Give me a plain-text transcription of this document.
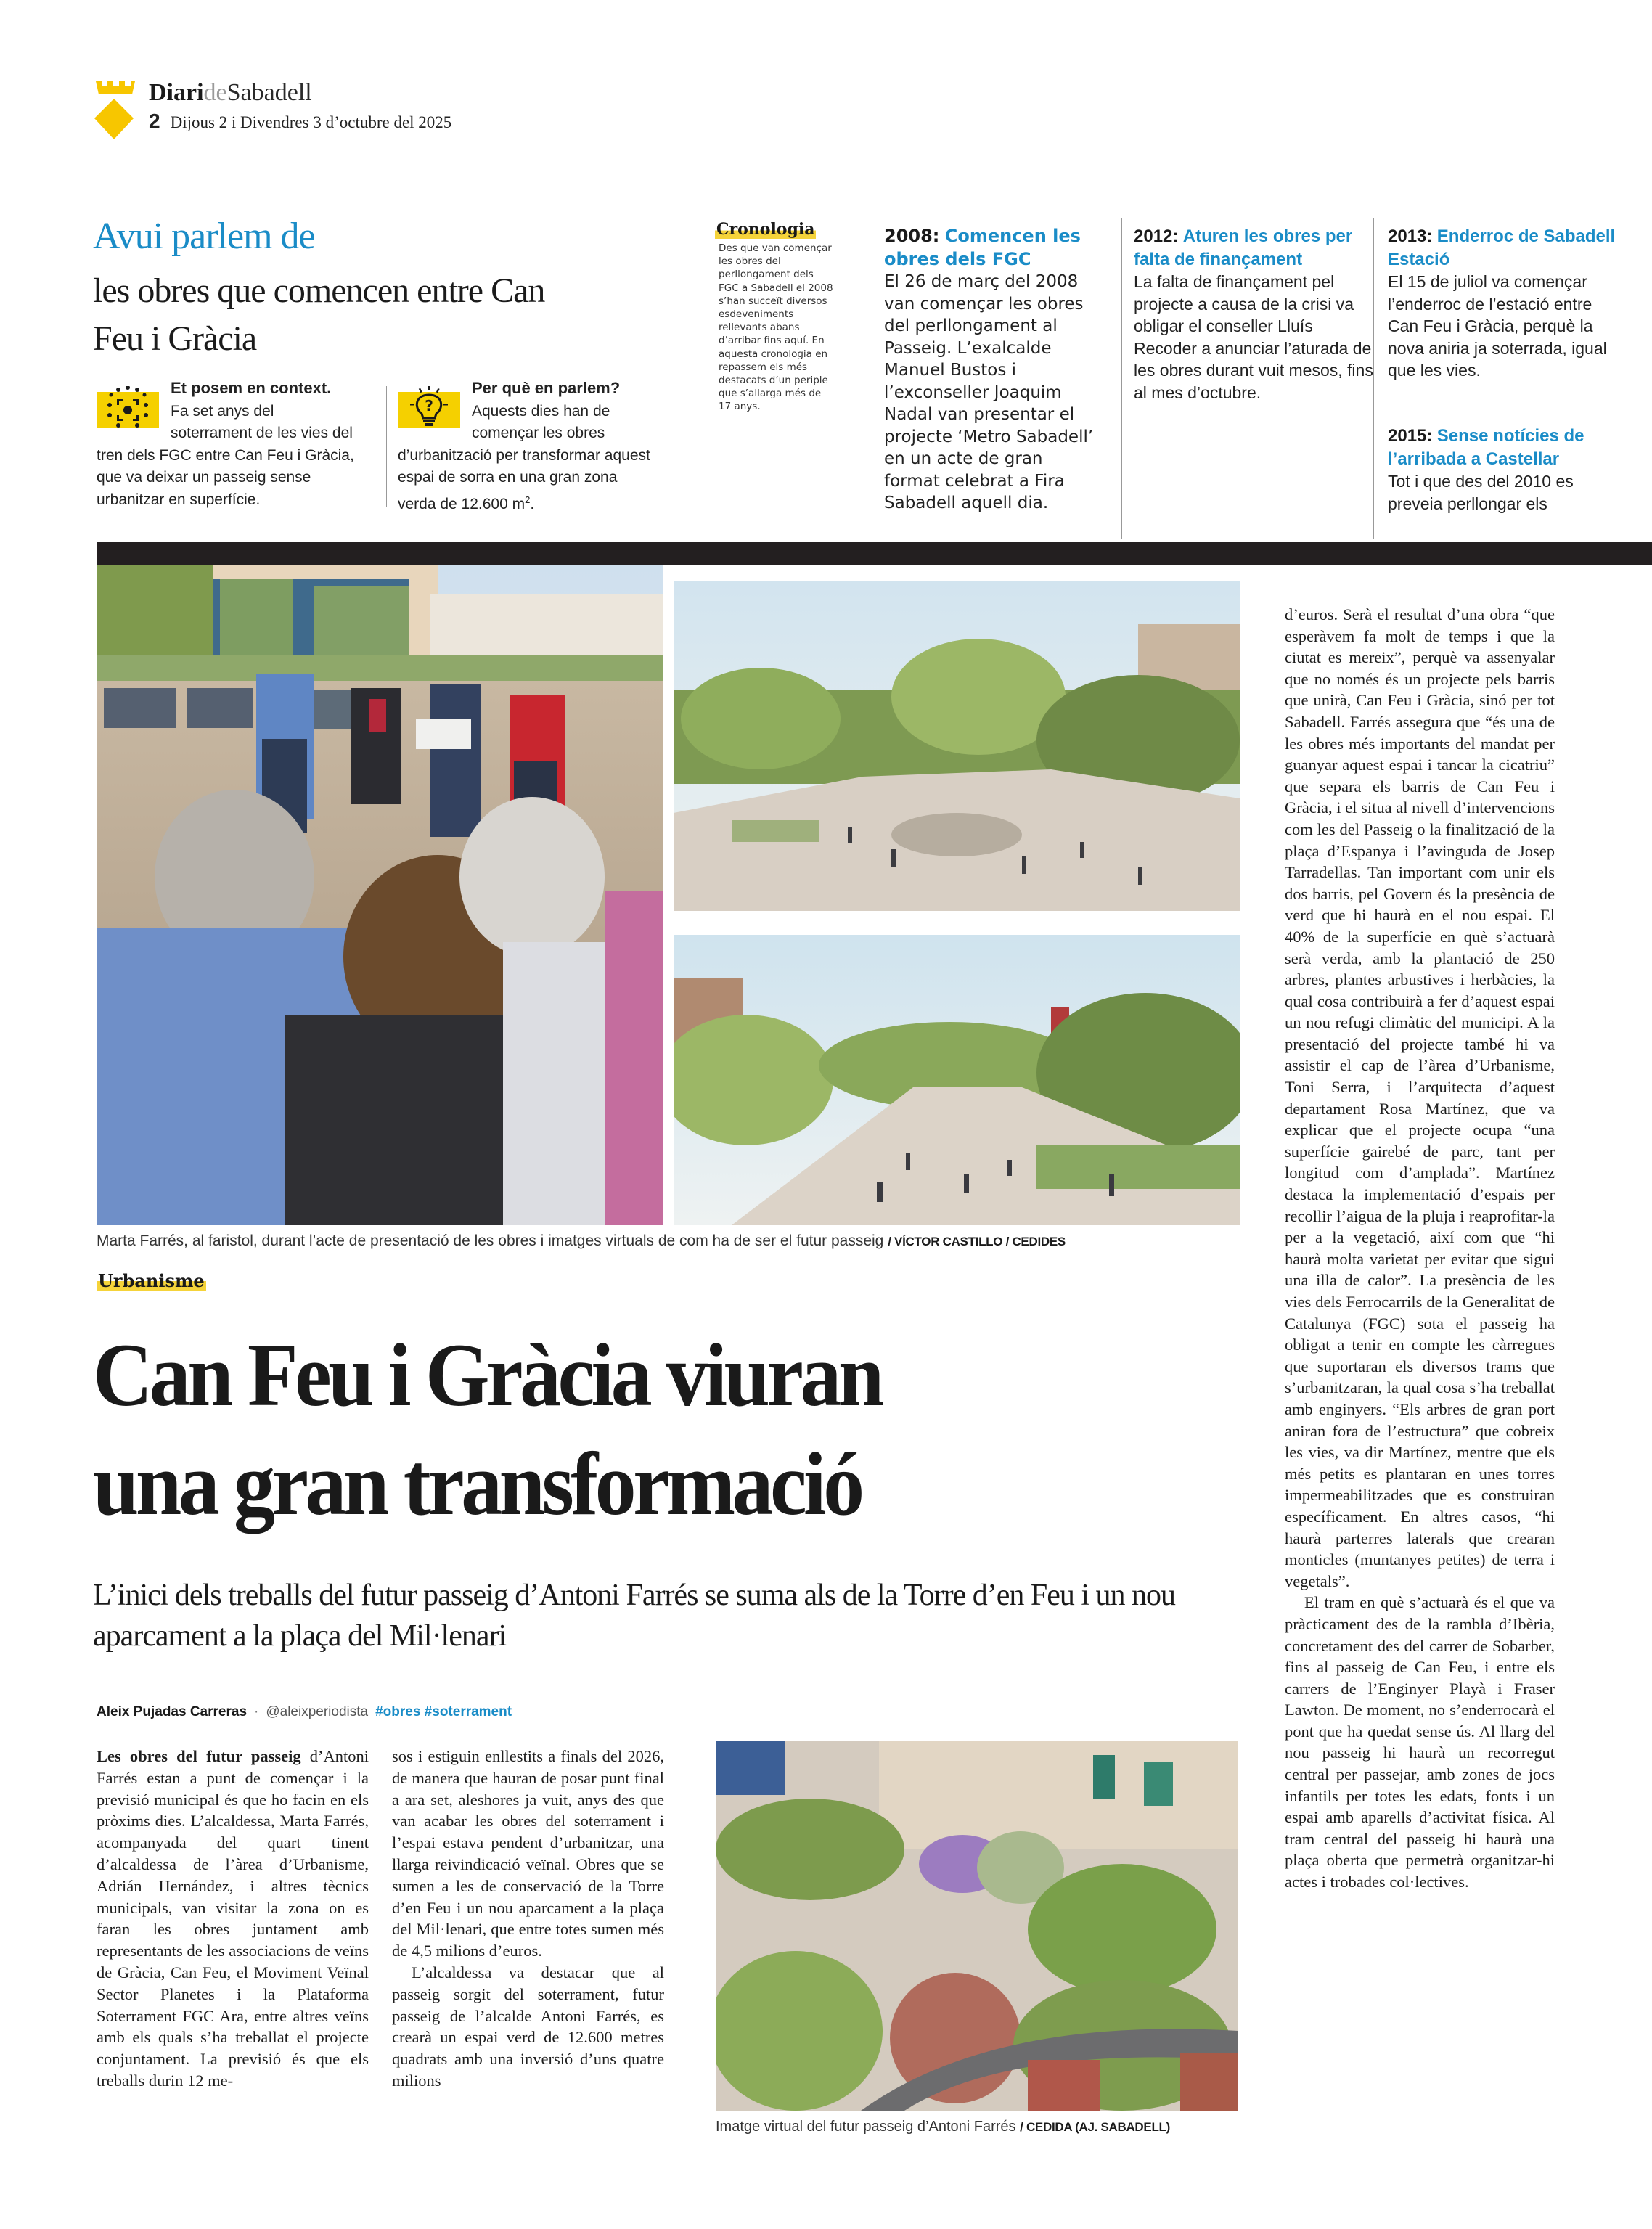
DiarideSabadell
2 Dijous 2 i Divendres 3 d’octubre del 2025
Avui parlem de
les obres que comencen entre Can Feu i Gràcia
Et posem en context.
Fa set anys del soterrament de les vies del tren dels FGC entre Can Feu i Gràcia, que va deixar un passeig sense urbanitzar en superfície.
?
Per què en parlem?
Aquests dies han de començar les obres d’urbanització per transformar aquest espai de sorra en una gran zona verda de 12.600 $m^2$.
Cronologia
Des que van començar les obres del perllongament dels FGC a Sabadell el 2008 s’han succeït diversos esdeveniments rellevants abans d’arribar fins aquí. En aquesta cronologia en repassem els més destacats d’un periple que s’allarga més de 17 anys.
2008: Comencen les obres dels FGC
El 26 de març del 2008 van començar les obres del perllongament al Passeig. L’exalcalde Manuel Bustos i l’exconseller Joaquim Nadal van presentar el projecte ‘Metro Sabadell’ en un acte de gran format celebrat a Fira Sabadell aquell dia.
2012: Aturen les obres per falta de finançament
La falta de finançament pel projecte a causa de la crisi va obligar el conseller Lluís Recoder a anunciar l’aturada de les obres durant vuit mesos, fins al mes d’octubre.
2013: Enderroc de Sabadell Estació
El 15 de juliol va començar l’enderroc de l’estació entre Can Feu i Gràcia, perquè la nova aniria ja soterrada, igual que les vies.
2015: Sense notícies de l’arribada a Castellar
Tot i que des del 2010 es preveia perllongar els
Marta Farrés, al faristol, durant l’acte de presentació de les obres i imatges virtuals de com ha de ser el futur passeig / VÍCTOR CASTILLO / CEDIDES
Urbanisme
Can Feu i Gràcia viuran
una gran transformació
L’inici dels treballs del futur passeig d’Antoni Farrés se suma als de la Torre d’en Feu i un nou aparcament a la plaça del Mil·lenari
Aleix Pujadas Carreras · @aleixperiodista #obres #soterrament

Les obres del futur passeig d’Antoni Farrés estan a punt de començar i la previsió municipal és que ho facin en els pròxims dies. L’alcaldessa, Marta Farrés, acompanyada del quart tinent d’alcaldessa de l’àrea d’Urbanisme, Adrián Hernández, i altres tècnics municipals, van visitar la zona on es faran les obres juntament amb representants de les associacions de veïns de Gràcia, Can Feu, el Moviment Veïnal Sector Planetes i la Plataforma Soterrament FGC Ara, entre altres veïns amb els quals s’ha treballat el projecte conjuntament. La previsió és que els treballs durin 12 me-

sos i estiguin enllestits a finals del 2026, de manera que hauran de posar punt final a ara set, aleshores ja vuit, anys des que van acabar les obres del soterrament i l’espai estava pendent d’urbanitzar, una llarga reivindicació veïnal. Obres que se sumen a les de conservació de la Torre d’en Feu i un nou aparcament a la plaça del Mil·lenari, que entre totes sumen més de 4,5 milions d’euros.

L’alcaldessa va destacar que al passeig sorgit del soterrament, futur passeig de l’alcalde Antoni Farrés, es crearà un espai verd de 12.600 metres quadrats amb una inversió d’uns quatre milions

Imatge virtual del futur passeig d’Antoni Farrés / CEDIDA (AJ. SABADELL)

d’euros. Serà el resultat d’una obra “que esperàvem fa molt de temps i que la ciutat es mereix”, perquè va assenyalar que no només és un projecte pels barris que unirà, Can Feu i Gràcia, sinó per tot Sabadell. Farrés assegura que “és una de les obres més importants del mandat per guanyar aquest espai i tancar la cicatriu” que separa els barris de Can Feu i Gràcia, i el situa al nivell d’intervencions com les del Passeig o la finalització de la plaça d’Espanya i l’avinguda de Josep Tarradellas. Tan important com unir els dos barris, pel Govern és la presència de verd que hi haurà en el nou espai. El 40% de la superfície en què s’actuarà serà verda, amb la plantació de 250 arbres, plantes arbustives i herbàcies, la qual cosa contribuirà a fer d’aquest espai un nou refugi climàtic del municipi. A la presentació del projecte també hi va assistir el cap de l’àrea d’Urbanisme, Toni Serra, i l’arquitecta d’aquest departament Rosa Martínez, que va explicar que el projecte ocupa “una superfície gairebé de parc, tant per longitud com d’amplada”. Martínez destaca la implementació d’espais per recollir l’aigua de la pluja i reaprofitar-la per a la vegetació, així com que “hi haurà molta varietat per evitar que sigui una illa de calor”. La presència de les vies dels Ferrocarrils de la Generalitat de Catalunya (FGC) sota el passeig ha obligat a tenir en compte les càrregues que suportaran els diversos trams que s’urbanitzaran, la qual cosa s’ha treballat amb enginyers. “Els arbres de gran port aniran fora de l’estructura” que cobreix les vies, va dir Martínez, mentre que els més petits es plantaran en unes torres impermeabilitzades que es construiran específicament. En altres casos, “hi haurà parterres laterals que crearan monticles (muntanyes petites) de terra i vegetals”.

El tram en què s’actuarà és el que va pràcticament des de la rambla d’Ibèria, concretament des del carrer de Sobarber, fins al passeig de Can Feu, i entre els carrers de l’Enginyer Playà i Fraser Lawton. De moment, no s’enderrocarà el pont que ha quedat sense ús. Al llarg del nou passeig hi haurà un recorregut central per passejar, amb zones de jocs infantils per totes les edats, fonts i un espai amb aparells d’activitat física. Al tram central del passeig hi haurà una plaça oberta que permetrà organitzar-hi actes i trobades col·lectives.
